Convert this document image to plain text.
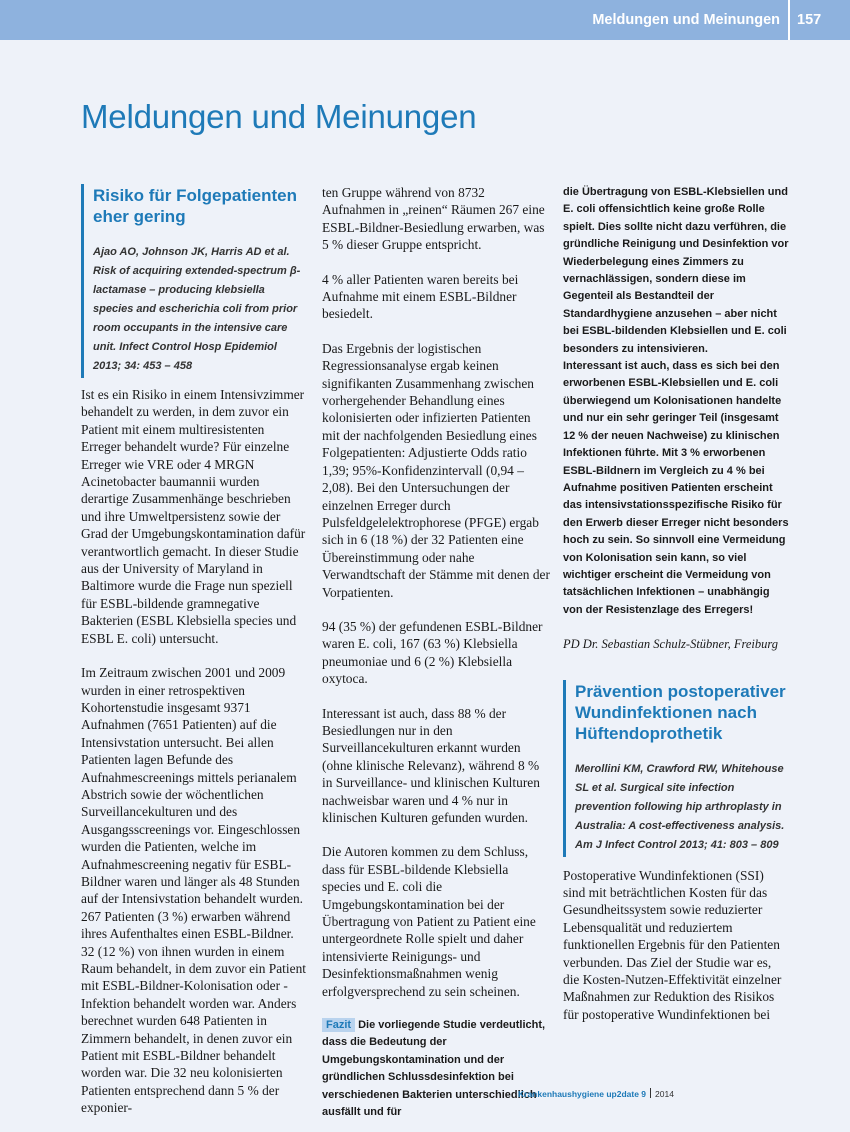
Meldungen und Meinungen 157
Meldungen und Meinungen
Risiko für Folgepatienten eher gering

Ajao AO, Johnson JK, Harris AD et al. Risk of acquiring extended-spectrum β-lactamase – producing klebsiella species and escherichia coli from prior room occupants in the intensive care unit. Infect Control Hosp Epidemiol 2013; 34: 453 – 458

Ist es ein Risiko in einem Intensivzimmer behandelt zu werden, in dem zuvor ein Patient mit einem multiresistenten Erreger behandelt wurde? Für einzelne Erreger wie VRE oder 4 MRGN Acinetobacter baumannii wurden derartige Zusammenhänge beschrieben und ihre Umweltpersistenz sowie der Grad der Umgebungskontamination dafür verantwortlich gemacht. In dieser Studie aus der University of Maryland in Baltimore wurde die Frage nun speziell für ESBL-bildende gramnegative Bakterien (ESBL Klebsiella species und ESBL E. coli) untersucht.

Im Zeitraum zwischen 2001 und 2009 wurden in einer retrospektiven Kohortenstudie insgesamt 9371 Aufnahmen (7651 Patienten) auf die Intensivstation untersucht. Bei allen Patienten lagen Befunde des Aufnahmescreenings mittels perianalem Abstrich sowie der wöchentlichen Surveillancekulturen und des Ausgangsscreenings vor. Eingeschlossen wurden die Patienten, welche im Aufnahmescreening negativ für ESBL-Bildner waren und länger als 48 Stunden auf der Intensivstation behandelt wurden. 267 Patienten (3 %) erwarben während ihres Aufenthaltes einen ESBL-Bildner. 32 (12 %) von ihnen wurden in einem Raum behandelt, in dem zuvor ein Patient mit ESBL-Bildner-Kolonisation oder -Infektion behandelt worden war. Anders berechnet wurden 648 Patienten in Zimmern behandelt, in denen zuvor ein Patient mit ESBL-Bildner behandelt worden war. Die 32 neu kolonisierten Patienten entsprechend dann 5 % der exponier-

ten Gruppe während von 8732 Aufnahmen in „reinen“ Räumen 267 eine ESBL-Bildner-Besiedlung erwarben, was 5 % dieser Gruppe entspricht.

4 % aller Patienten waren bereits bei Aufnahme mit einem ESBL-Bildner besiedelt.

Das Ergebnis der logistischen Regressionsanalyse ergab keinen signifikanten Zusammenhang zwischen vorhergehender Behandlung eines kolonisierten oder infizierten Patienten mit der nachfolgenden Besiedlung eines Folgepatienten: Adjustierte Odds ratio 1,39; 95%-Konfidenzintervall (0,94 – 2,08). Bei den Untersuchungen der einzelnen Erreger durch Pulsfeldgelelektrophorese (PFGE) ergab sich in 6 (18 %) der 32 Patienten eine Übereinstimmung oder nahe Verwandtschaft der Stämme mit denen der Vorpatienten.

94 (35 %) der gefundenen ESBL-Bildner waren E. coli, 167 (63 %) Klebsiella pneumoniae und 6 (2 %) Klebsiella oxytoca.

Interessant ist auch, dass 88 % der Besiedlungen nur in den Surveillancekulturen erkannt wurden (ohne klinische Relevanz), während 8 % in Surveillance- und klinischen Kulturen nachweisbar waren und 4 % nur in klinischen Kulturen gefunden wurden.

Die Autoren kommen zu dem Schluss, dass für ESBL-bildende Klebsiella species und E. coli die Umgebungskontamination bei der Übertragung von Patient zu Patient eine untergeordnete Rolle spielt und daher intensivierte Reinigungs- und Desinfektionsmaßnahmen wenig erfolgversprechend zu sein scheinen.

Fazit Die vorliegende Studie verdeutlicht, dass die Bedeutung der Umgebungskontamination und der gründlichen Schlussdesinfektion bei verschiedenen Bakterien unterschiedlich ausfällt und für

die Übertragung von ESBL-Klebsiellen und E. coli offensichtlich keine große Rolle spielt. Dies sollte nicht dazu verführen, die gründliche Reinigung und Desinfektion vor Wiederbelegung eines Zimmers zu vernachlässigen, sondern diese im Gegenteil als Bestandteil der Standardhygiene anzusehen – aber nicht bei ESBL-bildenden Klebsiellen und E. coli besonders zu intensivieren.

Interessant ist auch, dass es sich bei den erworbenen ESBL-Klebsiellen und E. coli überwiegend um Kolonisationen handelte und nur ein sehr geringer Teil (insgesamt 12 % der neuen Nachweise) zu klinischen Infektionen führte. Mit 3 % erworbenen ESBL-Bildnern im Vergleich zu 4 % bei Aufnahme positiven Patienten erscheint das intensivstationsspezifische Risiko für den Erwerb dieser Erreger nicht besonders hoch zu sein. So sinnvoll eine Vermeidung von Kolonisation sein kann, so viel wichtiger erscheint die Vermeidung von tatsächlichen Infektionen – unabhängig von der Resistenzlage des Erregers!

PD Dr. Sebastian Schulz-Stübner, Freiburg

Prävention postoperativer Wundinfektionen nach Hüftendoprothetik

Merollini KM, Crawford RW, Whitehouse SL et al. Surgical site infection prevention following hip arthroplasty in Australia: A cost-effectiveness analysis. Am J Infect Control 2013; 41: 803 – 809

Postoperative Wundinfektionen (SSI) sind mit beträchtlichen Kosten für das Gesundheitssystem sowie reduzierter Lebensqualität und reduziertem funktionellen Ergebnis für den Patienten verbunden. Das Ziel der Studie war es, die Kosten-Nutzen-Effektivität einzelner Maßnahmen zur Reduktion des Risikos für postoperative Wundinfektionen bei

Krankenhaushygiene up2date 9 2014
